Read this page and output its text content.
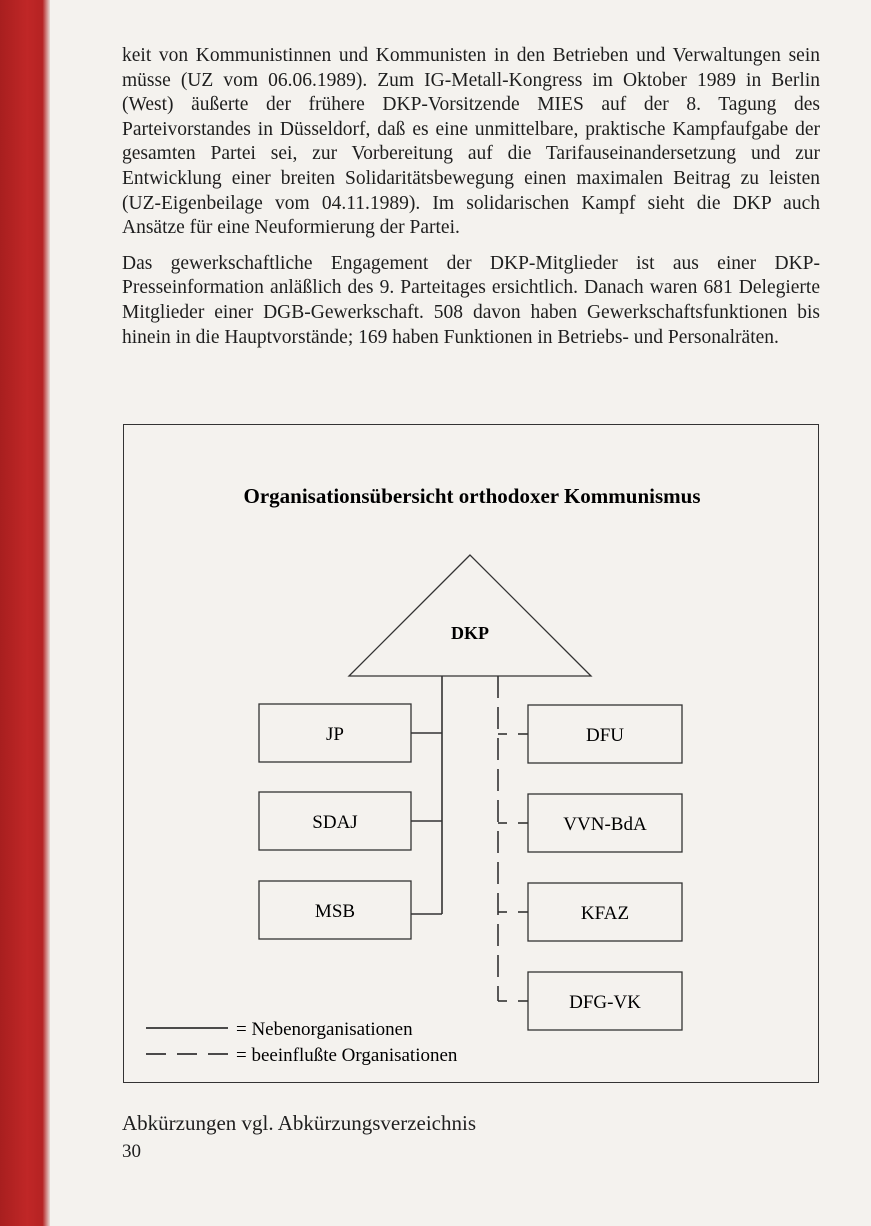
keit von Kommunistinnen und Kommunisten in den Betrieben und Verwaltungen sein müsse (UZ vom 06.06.1989). Zum IG-Metall-Kongress im Oktober 1989 in Berlin (West) äußerte der frühere DKP-Vorsitzende MIES auf der 8. Tagung des Parteivorstandes in Düsseldorf, daß es eine unmittelbare, praktische Kampfaufgabe der gesamten Partei sei, zur Vorbereitung auf die Tarifauseinandersetzung und zur Entwicklung einer breiten Solidaritätsbewegung einen maximalen Beitrag zu leisten (UZ-Eigenbeilage vom 04.11.1989). Im solidarischen Kampf sieht die DKP auch Ansätze für eine Neuformierung der Partei.

Das gewerkschaftliche Engagement der DKP-Mitglieder ist aus einer DKP-Presseinformation anläßlich des 9. Parteitages ersichtlich. Danach waren 681 Delegierte Mitglieder einer DGB-Gewerkschaft. 508 davon haben Gewerkschaftsfunktionen bis hinein in die Hauptvorstände; 169 haben Funktionen in Betriebs- und Personalräten.

Organisationsübersicht orthodoxer Kommunismus
DKP
JP
SDAJ
MSB
DFU
VVN-BdA
KFAZ
DFG-VK
= Nebenorganisationen
= beeinflußte Organisationen
Abkürzungen vgl. Abkürzungsverzeichnis
30
